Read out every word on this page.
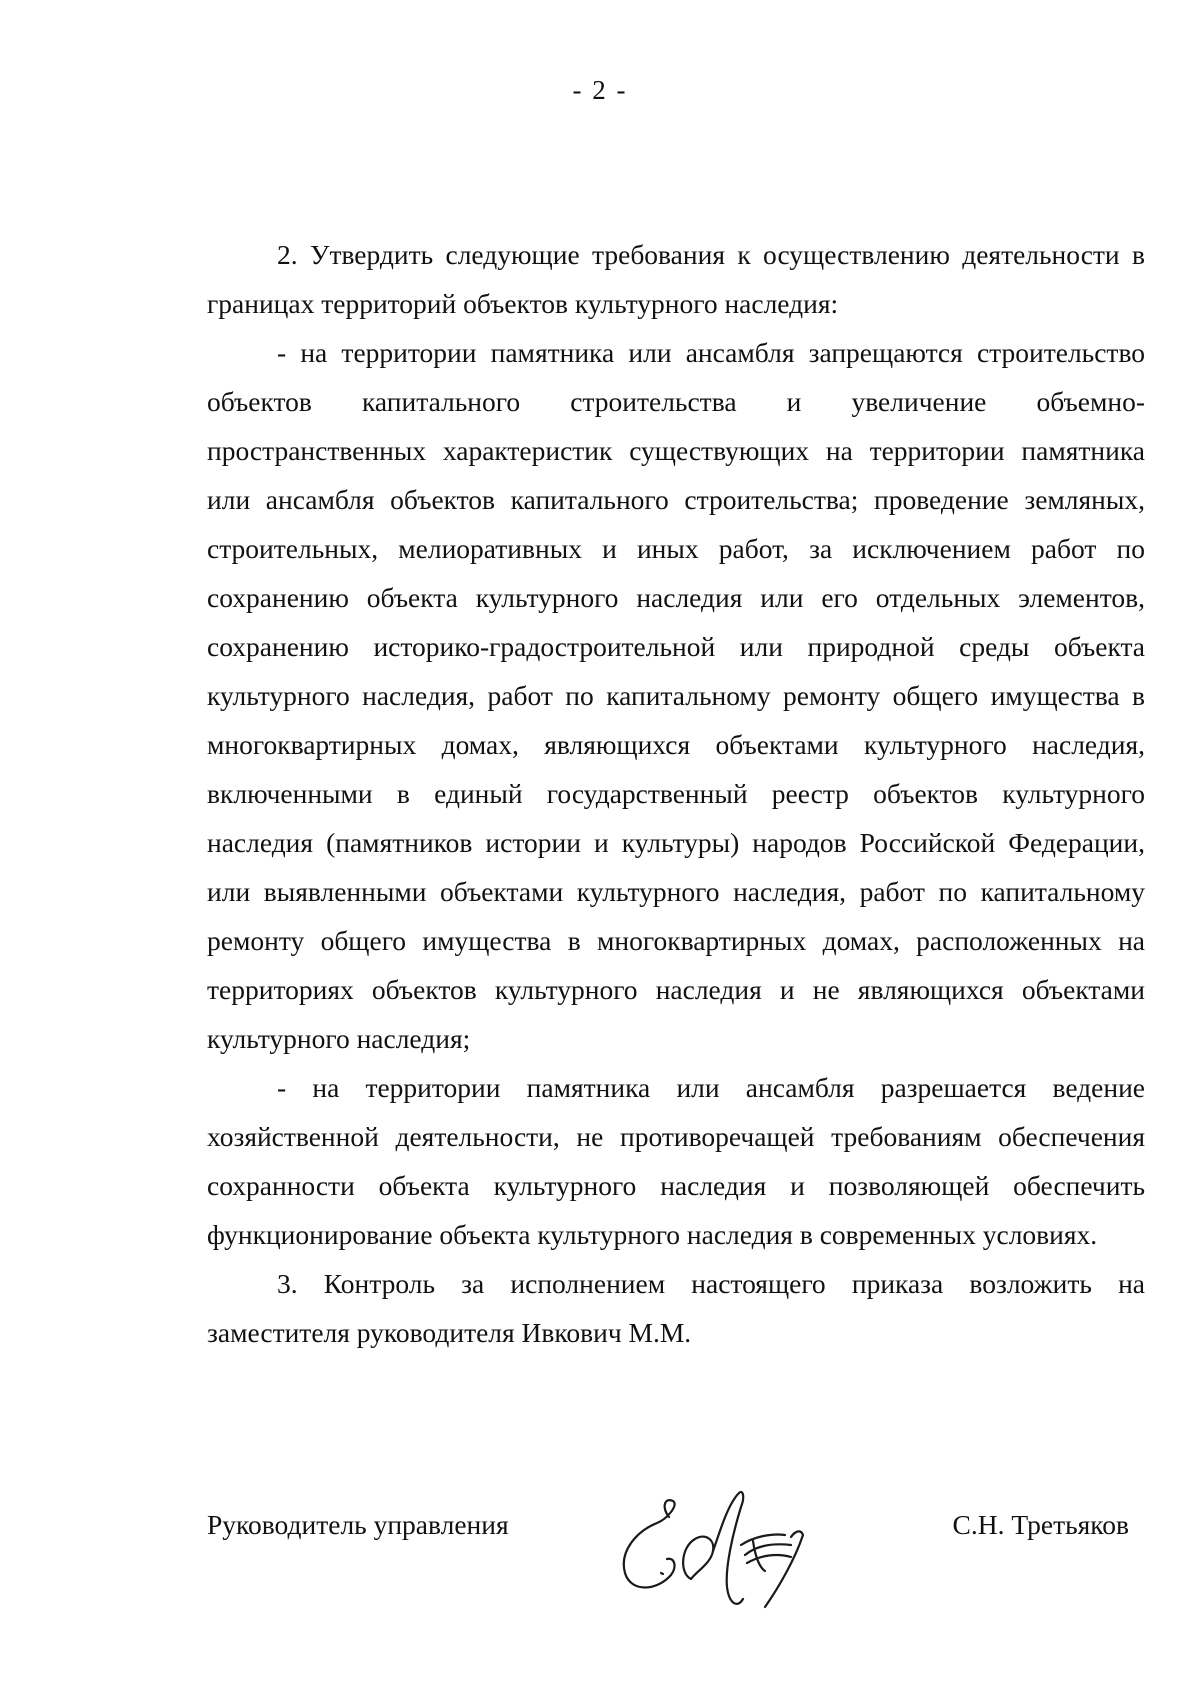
- 2 -

2. Утвердить следующие требования к осуществлению деятельности в границах территорий объектов культурного наследия:

- на территории памятника или ансамбля запрещаются строительство объектов капитального строительства и увеличение объемно-пространственных характеристик существующих на территории памятника или ансамбля объектов капитального строительства; проведение земляных, строительных, мелиоративных и иных работ, за исключением работ по сохранению объекта культурного наследия или его отдельных элементов, сохранению историко-градостроительной или природной среды объекта культурного наследия, работ по капитальному ремонту общего имущества в многоквартирных домах, являющихся объектами культурного наследия, включенными в единый государственный реестр объектов культурного наследия (памятников истории и культуры) народов Российской Федерации, или выявленными объектами культурного наследия, работ по капитальному ремонту общего имущества в многоквартирных домах, расположенных на территориях объектов культурного наследия и не являющихся объектами культурного наследия;

- на территории памятника или ансамбля разрешается ведение хозяйственной деятельности, не противоречащей требованиям обеспечения сохранности объекта культурного наследия и позволяющей обеспечить функционирование объекта культурного наследия в современных условиях.

3. Контроль за исполнением настоящего приказа возложить на заместителя руководителя Ивкович М.М.

Руководитель управления	С.Н. Третьяков
